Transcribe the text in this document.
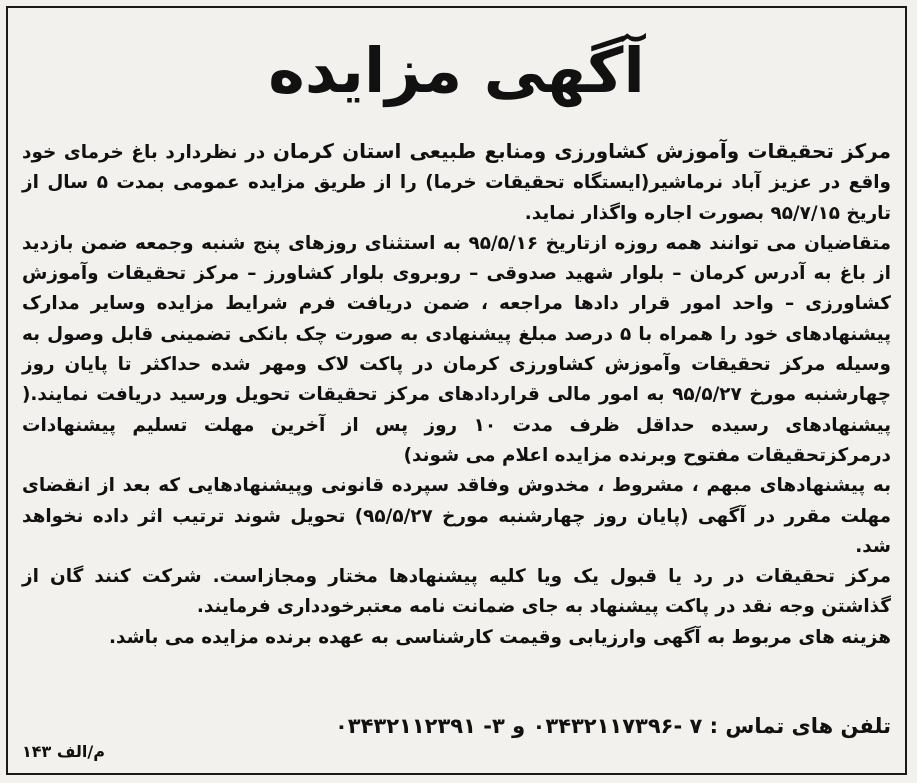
آگهی مزایده

مرکز تحقیقات وآموزش کشاورزی ومنابع طبیعی استان کرمان در نظردارد باغ خرمای خود واقع در عزیز آباد نرماشیر(ایستگاه تحقیقات خرما) را از طریق مزایده عمومی بمدت ۵ سال از تاریخ ۹۵/۷/۱۵ بصورت اجاره واگذار نماید.

متقاضیان می توانند همه روزه ازتاریخ ۹۵/۵/۱۶ به استثنای روزهای پنج شنبه وجمعه ضمن بازدید از باغ به آدرس کرمان – بلوار شهید صدوقی – روبروی بلوار کشاورز – مرکز تحقیقات وآموزش کشاورزی – واحد امور قرار دادها مراجعه ، ضمن دریافت فرم شرایط مزایده وسایر مدارک پیشنهادهای خود را همراه با ۵ درصد مبلغ پیشنهادی به صورت چک بانکی تضمینی قابل وصول به وسیله مرکز تحقیقات وآموزش کشاورزی کرمان در پاکت لاک ومهر شده حداکثر تا پایان روز چهارشنبه مورخ ۹۵/۵/۲۷ به امور مالی قراردادهای مرکز تحقیقات تحویل ورسید دریافت نمایند.( پیشنهادهای رسیده حداقل ظرف مدت ۱۰ روز پس از آخرین مهلت تسلیم پیشنهادات درمرکزتحقیقات مفتوح وبرنده مزایده اعلام می شوند)

به پیشنهادهای مبهم ، مشروط ، مخدوش وفاقد سپرده قانونی وپیشنهادهایی که بعد از انقضای مهلت مقرر در آگهی (پایان روز چهارشنبه مورخ ۹۵/۵/۲۷) تحویل شوند ترتیب اثر داده نخواهد شد.

مرکز تحقیقات در رد یا قبول یک ویا کلیه پیشنهادها مختار ومجازاست. شرکت کنند گان از گذاشتن وجه نقد در پاکت پیشنهاد به جای ضمانت نامه معتبرخودداری فرمایند.

هزینه های مربوط به آگهی وارزیابی وقیمت کارشناسی به عهده برنده مزایده می باشد.

تلفن های تماس : ۷ -۰۳۴۳۲۱۱۷۳۹۶ و ۳- ۰۳۴۳۲۱۱۲۳۹۱
م/الف ۱۴۳
